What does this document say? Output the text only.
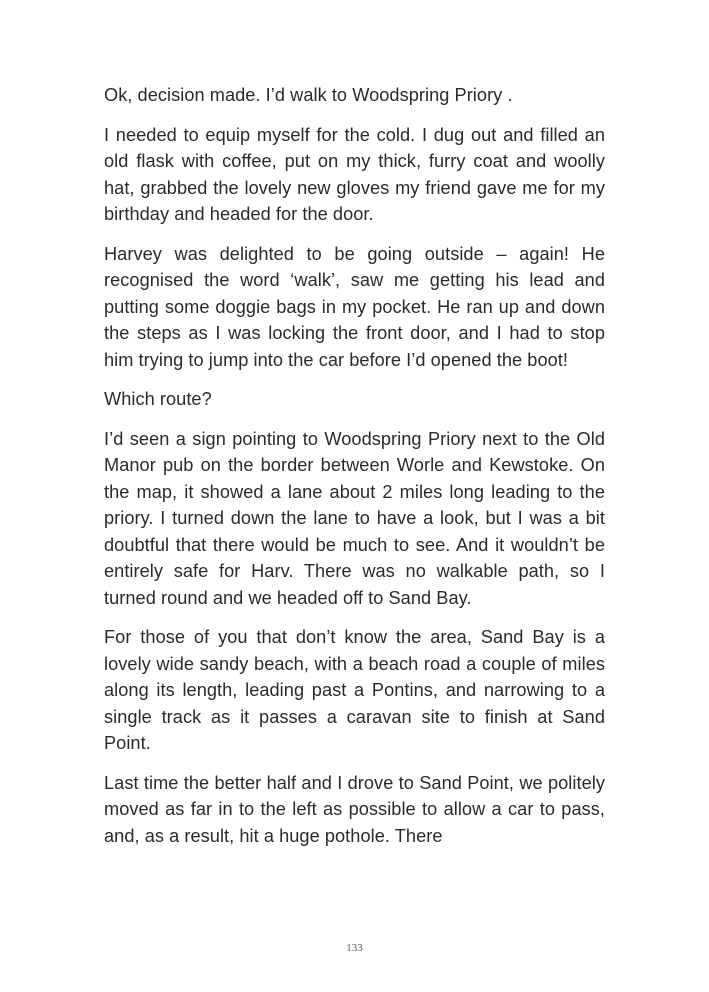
Ok, decision made. I’d walk to Woodspring Priory .

I needed to equip myself for the cold. I dug out and filled an old flask with coffee, put on my thick, furry coat and woolly hat, grabbed the lovely new gloves my friend gave me for my birthday and headed for the door.

Harvey was delighted to be going outside – again! He recognised the word ‘walk’, saw me getting his lead and putting some doggie bags in my pocket. He ran up and down the steps as I was locking the front door, and I had to stop him trying to jump into the car before I’d opened the boot!

Which route?

I’d seen a sign pointing to Woodspring Priory next to the Old Manor pub on the border between Worle and Kewstoke. On the map, it showed a lane about 2 miles long leading to the priory. I turned down the lane to have a look, but I was a bit doubtful that there would be much to see. And it wouldn’t be entirely safe for Harv. There was no walkable path, so I turned round and we headed off to Sand Bay.

For those of you that don’t know the area, Sand Bay is a lovely wide sandy beach, with a beach road a couple of miles along its length, leading past a Pontins, and narrowing to a single track as it passes a caravan site to finish at Sand Point.

Last time the better half and I drove to Sand Point, we politely moved as far in to the left as possible to allow a car to pass, and, as a result, hit a huge pothole. There

133
